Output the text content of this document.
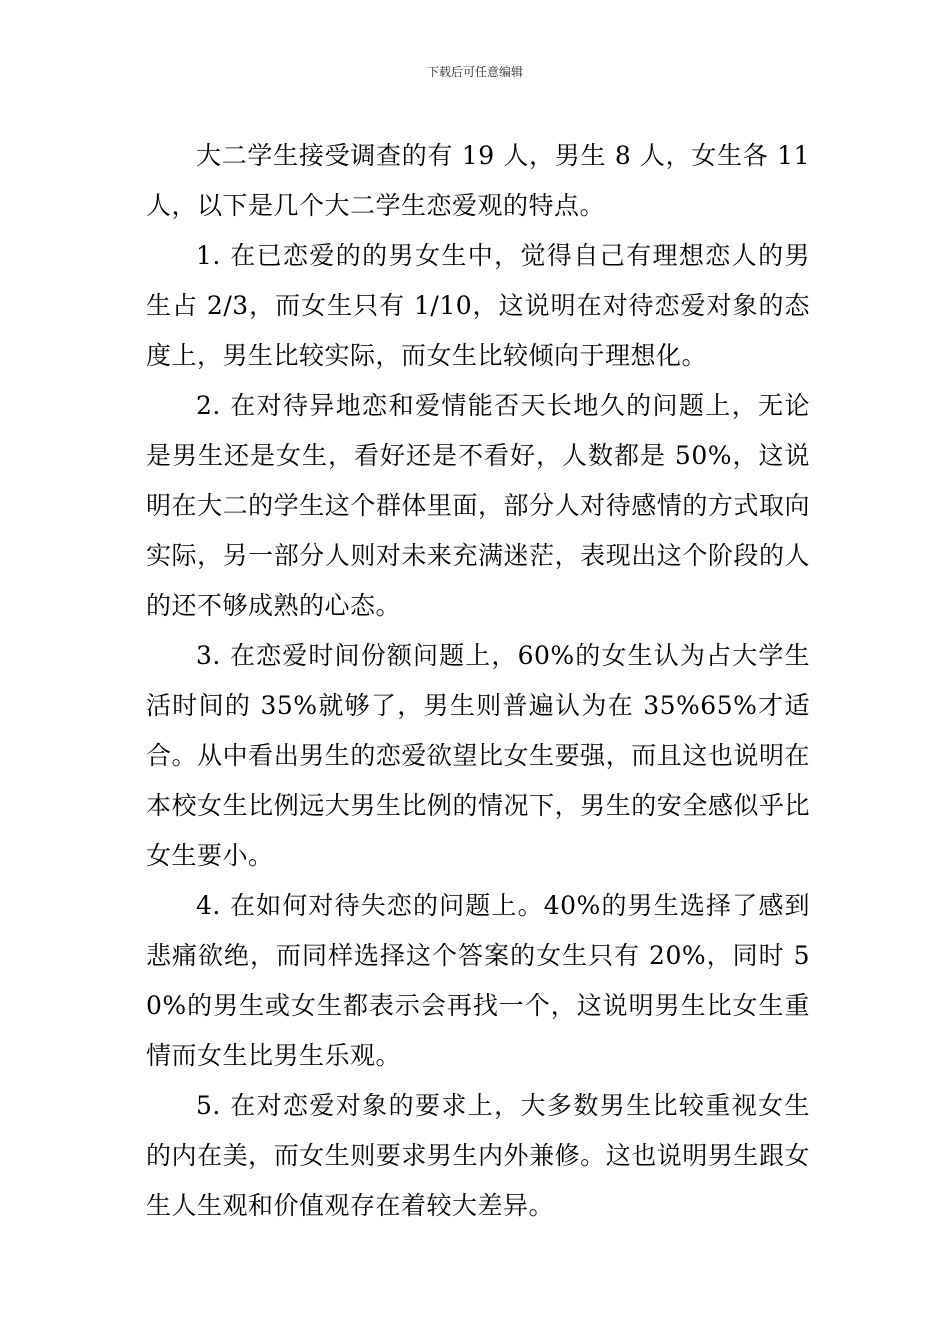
下载后可任意编辑

大二学生接受调查的有 19 人，男生 8 人，女生各 11 人，以下是几个大二学生恋爱观的特点。

1. 在已恋爱的的男女生中，觉得自己有理想恋人的男生占 2/3，而女生只有 1/10，这说明在对待恋爱对象的态度上，男生比较实际，而女生比较倾向于理想化。

2. 在对待异地恋和爱情能否天长地久的问题上，无论是男生还是女生，看好还是不看好，人数都是 50%，这说明在大二的学生这个群体里面，部分人对待感情的方式取向实际，另一部分人则对未来充满迷茫，表现出这个阶段的人的还不够成熟的心态。

3. 在恋爱时间份额问题上，60%的女生认为占大学生活时间的 35%就够了，男生则普遍认为在 35%65%才适合。从中看出男生的恋爱欲望比女生要强，而且这也说明在本校女生比例远大男生比例的情况下，男生的安全感似乎比女生要小。

4. 在如何对待失恋的问题上。40%的男生选择了感到悲痛欲绝，而同样选择这个答案的女生只有 20%，同时 50%的男生或女生都表示会再找一个，这说明男生比女生重情而女生比男生乐观。

5. 在对恋爱对象的要求上，大多数男生比较重视女生的内在美，而女生则要求男生内外兼修。这也说明男生跟女生人生观和价值观存在着较大差异。
